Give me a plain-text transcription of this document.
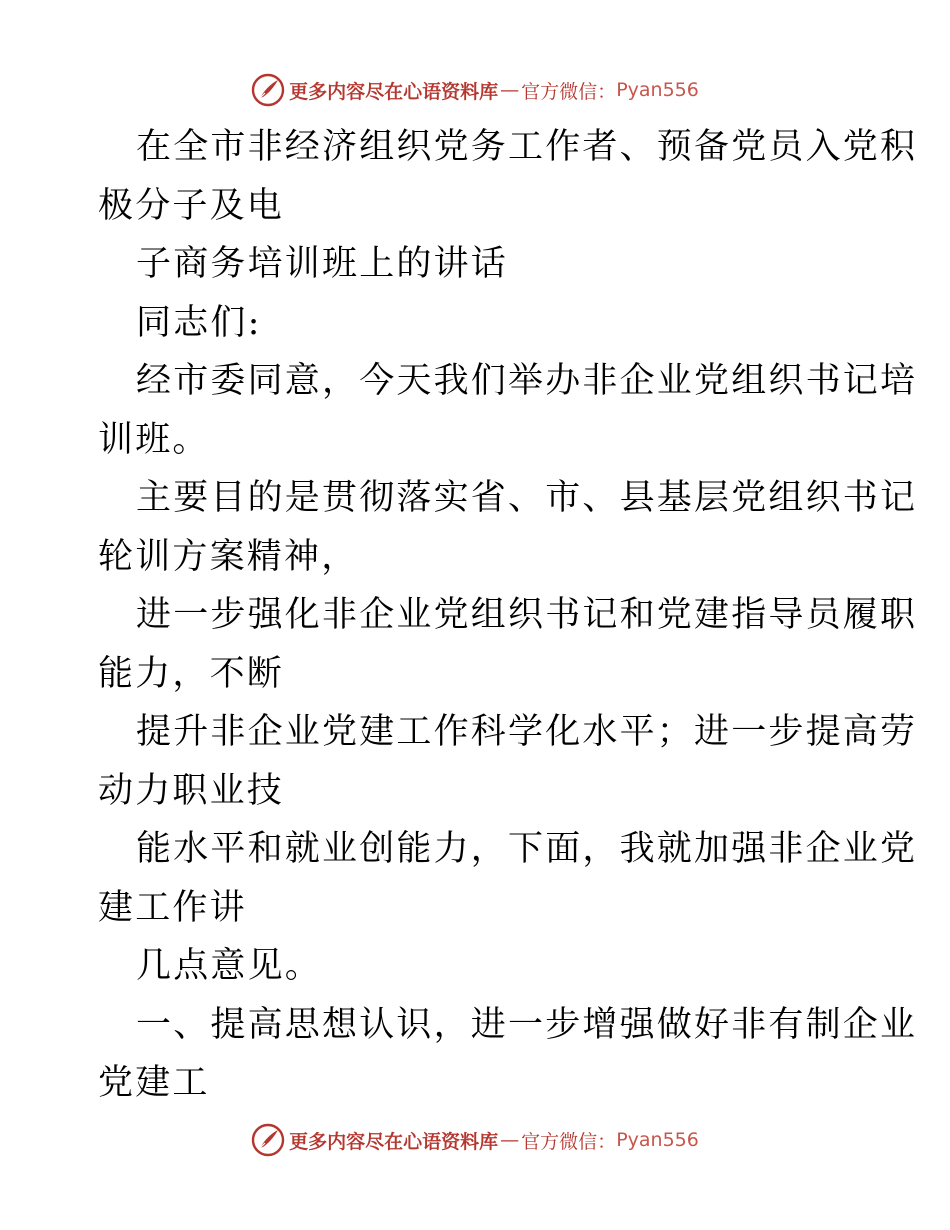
更多内容尽在心语资料库 — 官方微信： Pyan556
在全市非经济组织党务工作者、预备党员入党积
极分子及电
子商务培训班上的讲话
同志们:
经市委同意，今天我们举办非企业党组织书记培
训班。
主要目的是贯彻落实省、市、县基层党组织书记
轮训方案精神，
进一步强化非企业党组织书记和党建指导员履职
能力，不断
提升非企业党建工作科学化水平；进一步提高劳
动力职业技
能水平和就业创能力，下面，我就加强非企业党
建工作讲
几点意见。
一、提高思想认识，进一步增强做好非有制企业
党建工
更多内容尽在心语资料库 — 官方微信： Pyan556
